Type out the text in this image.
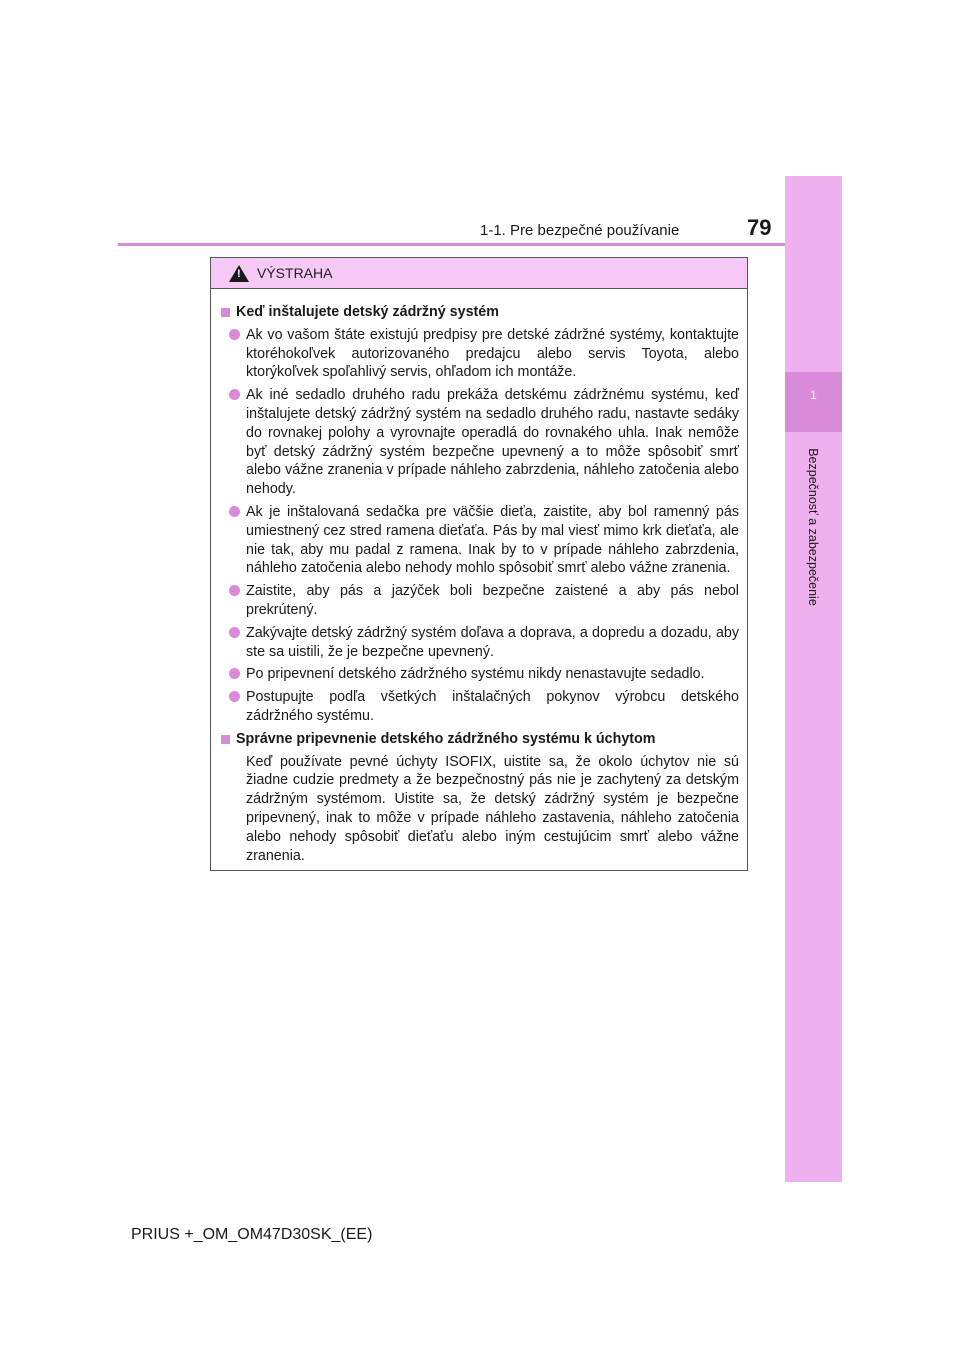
1-1. Pre bezpečné používanie	79
1
Bezpečnosť a zabezpečenie
!
VÝSTRAHA
Keď inštalujete detský zádržný systém
Ak vo vašom štáte existujú predpisy pre detské zádržné systémy, kontaktujte ktoréhokoľvek autorizovaného predajcu alebo servis Toyota, alebo ktorýkoľvek spoľahlivý servis, ohľadom ich montáže.
Ak iné sedadlo druhého radu prekáža detskému zádržnému systému, keď inštalujete detský zádržný systém na sedadlo druhého radu, nastavte sedáky do rovnakej polohy a vyrovnajte operadlá do rovnakého uhla. Inak nemôže byť detský zádržný systém bezpečne upevnený a to môže spôsobiť smrť alebo vážne zranenia v prípade náhleho zabrzdenia, náhleho zatočenia alebo nehody.
Ak je inštalovaná sedačka pre väčšie dieťa, zaistite, aby bol ramenný pás umiestnený cez stred ramena dieťaťa. Pás by mal viesť mimo krk dieťaťa, ale nie tak, aby mu padal z ramena. Inak by to v prípade náhleho zabrzdenia, náhleho zatočenia alebo nehody mohlo spôsobiť smrť alebo vážne zranenia.
Zaistite, aby pás a jazýček boli bezpečne zaistené a aby pás nebol prekrútený.
Zakývajte detský zádržný systém doľava a doprava, a dopredu a dozadu, aby ste sa uistili, že je bezpečne upevnený.
Po pripevnení detského zádržného systému nikdy nenastavujte sedadlo.
Postupujte podľa všetkých inštalačných pokynov výrobcu detského zádržného systému.
Správne pripevnenie detského zádržného systému k úchytom
Keď používate pevné úchyty ISOFIX, uistite sa, že okolo úchytov nie sú žiadne cudzie predmety a že bezpečnostný pás nie je zachytený za detským zádržným systémom. Uistite sa, že detský zádržný systém je bezpečne pripevnený, inak to môže v prípade náhleho zastavenia, náhleho zatočenia alebo nehody spôsobiť dieťaťu alebo iným cestujúcim smrť alebo vážne zranenia.
PRIUS +_OM_OM47D30SK_(EE)
